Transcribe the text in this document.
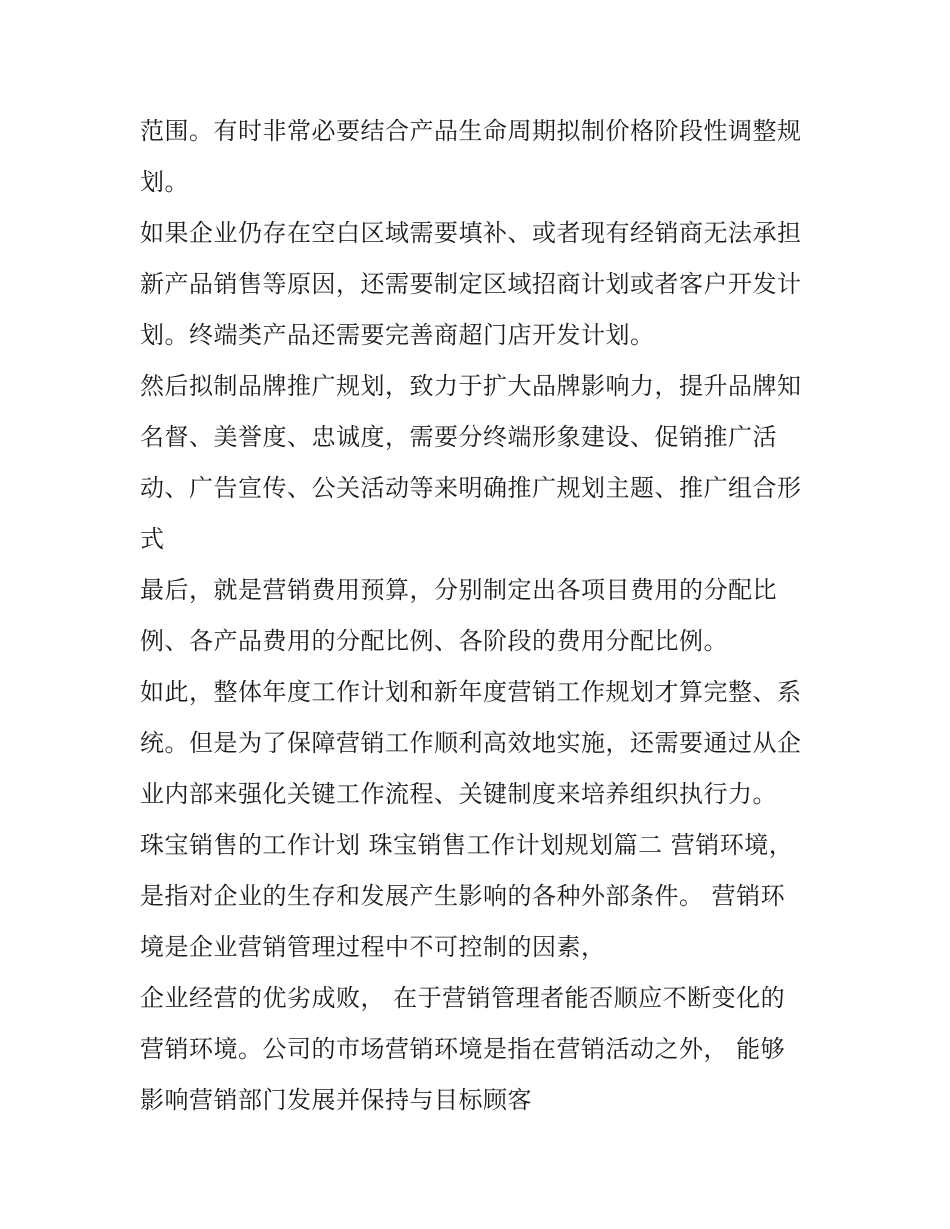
范围。有时非常必要结合产品生命周期拟制价格阶段性调整规
划。
如果企业仍存在空白区域需要填补、或者现有经销商无法承担
新产品销售等原因，还需要制定区域招商计划或者客户开发计
划。终端类产品还需要完善商超门店开发计划。
然后拟制品牌推广规划，致力于扩大品牌影响力，提升品牌知
名督、美誉度、忠诚度，需要分终端形象建设、促销推广活
动、广告宣传、公关活动等来明确推广规划主题、推广组合形
式
最后，就是营销费用预算，分别制定出各项目费用的分配比
例、各产品费用的分配比例、各阶段的费用分配比例。
如此，整体年度工作计划和新年度营销工作规划才算完整、系
统。但是为了保障营销工作顺利高效地实施，还需要通过从企
业内部来强化关键工作流程、关键制度来培养组织执行力。
珠宝销售的工作计划 珠宝销售工作计划规划篇二 营销环境，
是指对企业的生存和发展产生影响的各种外部条件。 营销环
境是企业营销管理过程中不可控制的因素，
企业经营的优劣成败， 在于营销管理者能否顺应不断变化的
营销环境。公司的市场营销环境是指在营销活动之外， 能够
影响营销部门发展并保持与目标顾客
